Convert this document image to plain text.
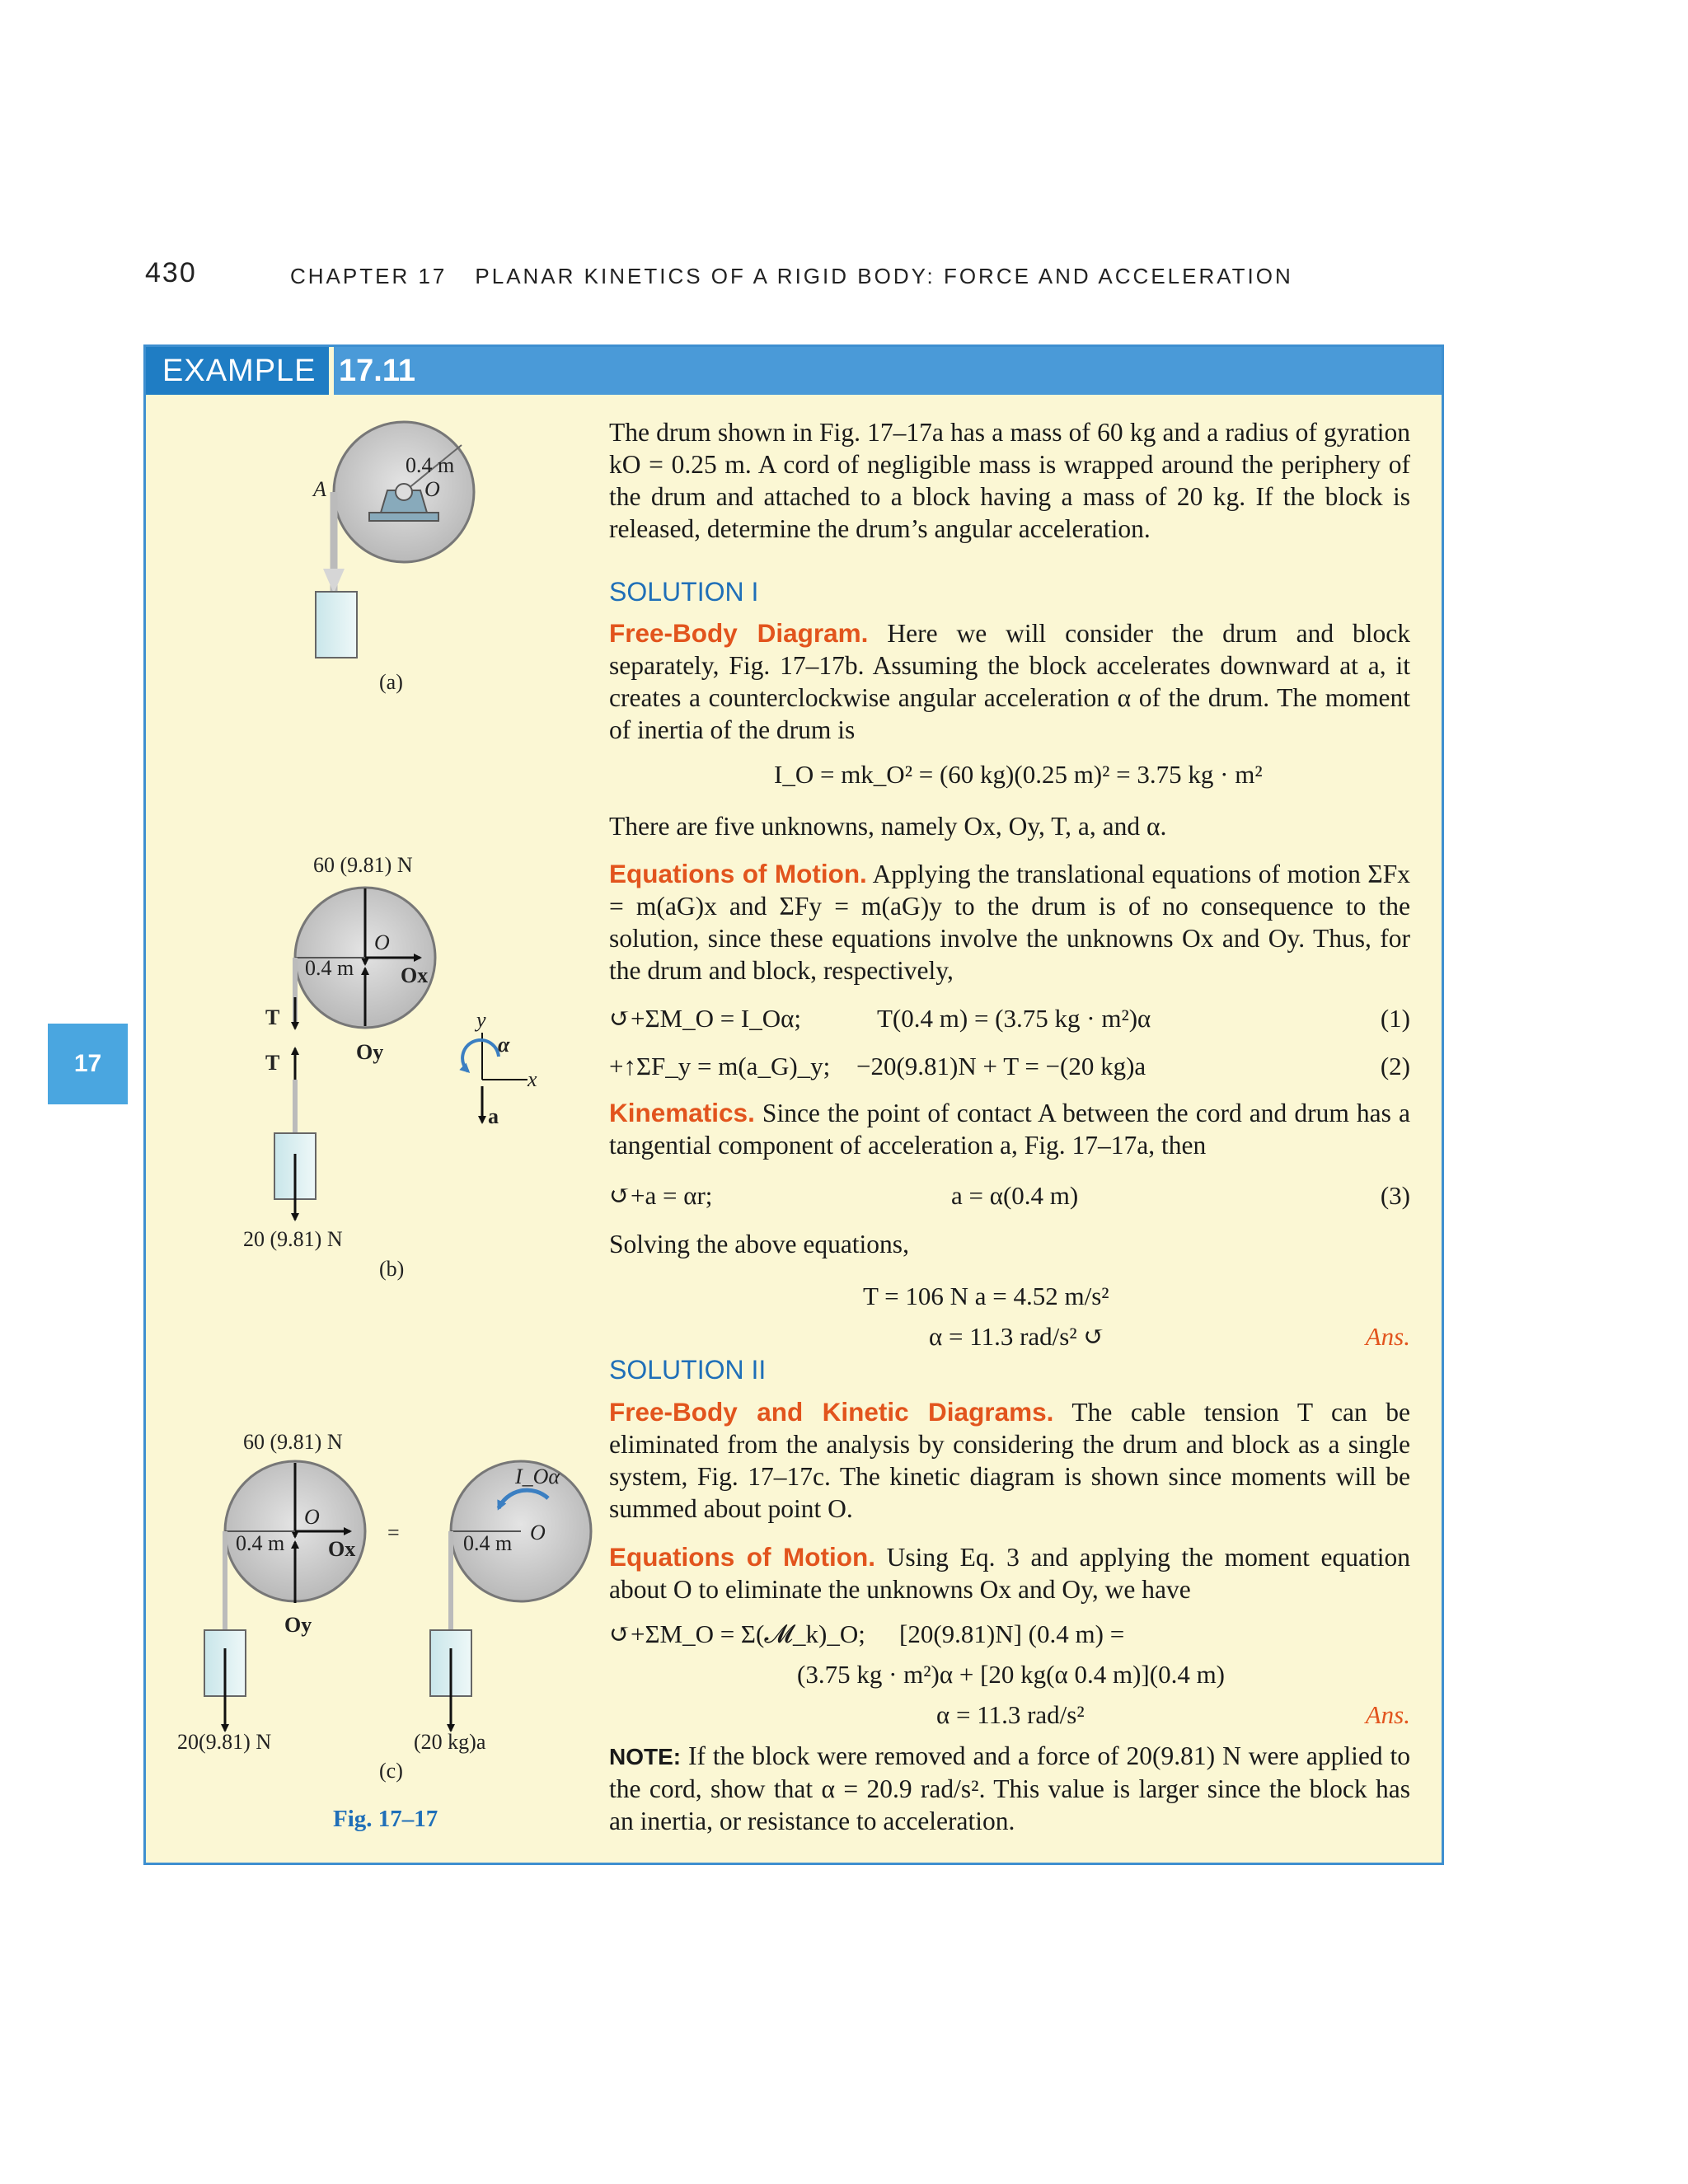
430	CHAPTER 17 PLANAR KINETICS OF A RIGID BODY: FORCE AND ACCELERATION
17
EXAMPLE 17.11
0.4 m
A	O
(a)
60 (9.81) N
0.4 m
O
Ox
Oy
T
T
20 (9.81) N
(b)
y
x
α
a
60 (9.81) N
0.4 m
O
Ox
Oy
20(9.81) N
=	0.4 m O
I_Oα
(20 kg)a
(c)
Fig. 17–17
The drum shown in Fig. 17–17a has a mass of 60 kg and a radius of gyration kO = 0.25 m. A cord of negligible mass is wrapped around the periphery of the drum and attached to a block having a mass of 20 kg. If the block is released, determine the drum’s angular acceleration.
SOLUTION I

Free-Body Diagram. Here we will consider the drum and block separately, Fig. 17–17b. Assuming the block accelerates downward at a, it creates a counterclockwise angular acceleration α of the drum. The moment of inertia of the drum is

I_O = mk_O² = (60 kg)(0.25 m)² = 3.75 kg · m²
There are five unknowns, namely Ox, Oy, T, a, and α.

Equations of Motion. Applying the translational equations of motion ΣFx = m(aG)x and ΣFy = m(aG)y to the drum is of no consequence to the solution, since these equations involve the unknowns Ox and Oy. Thus, for the drum and block, respectively,

↺+ΣM_O = I_Oα;	T(0.4 m) = (3.75 kg · m²)α	(1)
+↑ΣF_y = m(a_G)_y; −20(9.81)N + T = −(20 kg)a	(2)

Kinematics. Since the point of contact A between the cord and drum has a tangential component of acceleration a, Fig. 17–17a, then

↺+a = αr;	a = α(0.4 m)	(3)
Solving the above equations,
T = 106 N a = 4.52 m/s²
α = 11.3 rad/s² ↺	Ans.
SOLUTION II

Free-Body and Kinetic Diagrams. The cable tension T can be eliminated from the analysis by considering the drum and block as a single system, Fig. 17–17c. The kinetic diagram is shown since moments will be summed about point O.

Equations of Motion. Using Eq. 3 and applying the moment equation about O to eliminate the unknowns Ox and Oy, we have

↺+ΣM_O = Σ(𝓜_k)_O; [20(9.81)N] (0.4 m) =
(3.75 kg · m²)α + [20 kg(α 0.4 m)](0.4 m)
α = 11.3 rad/s²	Ans.

NOTE: If the block were removed and a force of 20(9.81) N were applied to the cord, show that α = 20.9 rad/s². This value is larger since the block has an inertia, or resistance to acceleration.
